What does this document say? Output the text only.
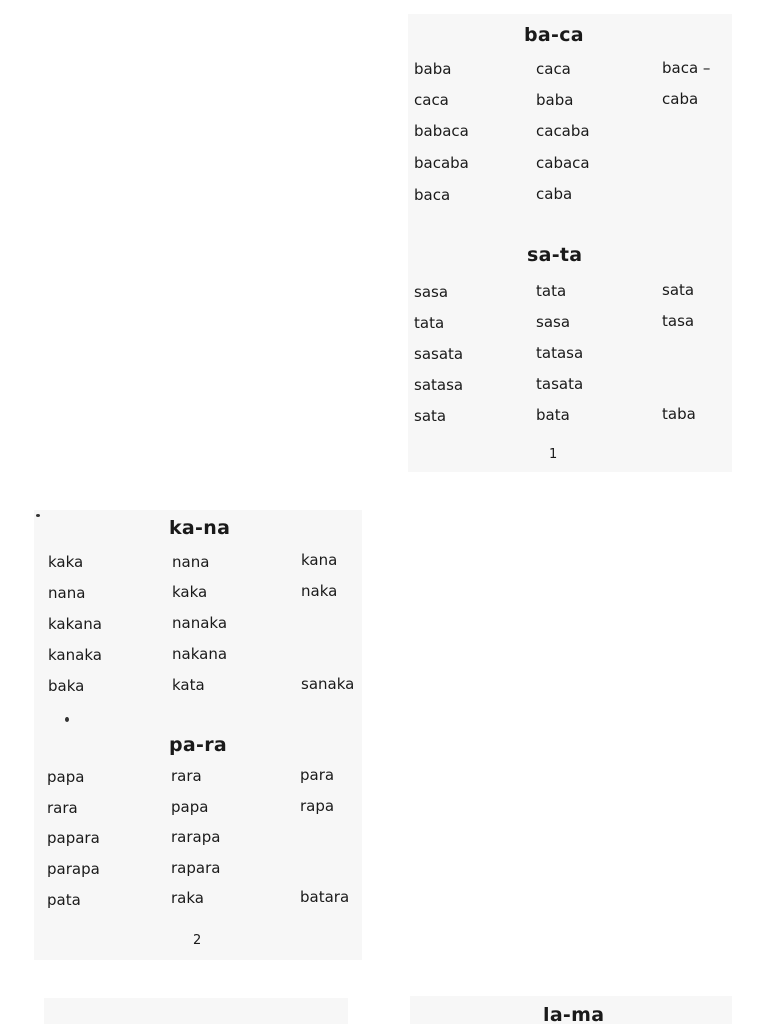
ba-ca
baba
caca
babaca
bacaba
baca
caca
baba
cacaba
cabaca
caba
baca –
caba
sa-ta
sasa
tata
sasata
satasa
sata
tata
sasa
tatasa
tasata
bata
sata
tasa
taba
1
ka-na
kaka
nana
kakana
kanaka
baka
nana
kaka
nanaka
nakana
kata
kana
naka
sanaka
pa-ra
papa
rara
papara
parapa
pata
rara
papa
rarapa
rapara
raka
para
rapa
batara
2
la-ma
